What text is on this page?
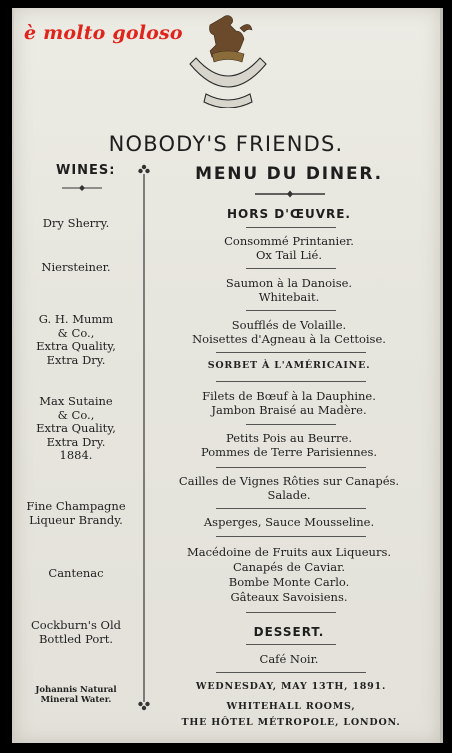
è molto goloso
NOBODY'S FRIENDS.
WINES:	MENU DU DINER.
Dry Sherry.
Niersteiner.
G. H. Mumm
& Co.,
Extra Quality,
Extra Dry.
Max Sutaine
& Co.,
Extra Quality,
Extra Dry.
1884.
Fine Champagne
Liqueur Brandy.
Cantenac
Cockburn's Old
Bottled Port.
Johannis Natural
Mineral Water.
HORS D'ŒUVRE.
Consommé Printanier.
Ox Tail Lié.
Saumon à la Danoise.
Whitebait.
Soufflés de Volaille.
Noisettes d'Agneau à la Cettoise.
SORBET À L'AMÉRICAINE.
Filets de Bœuf à la Dauphine.
Jambon Braisé au Madère.
Petits Pois au Beurre.
Pommes de Terre Parisiennes.
Cailles de Vignes Rôties sur Canapés.
Salade.
Asperges, Sauce Mousseline.
Macédoine de Fruits aux Liqueurs.
Canapés de Caviar.
Bombe Monte Carlo.
Gâteaux Savoisiens.
DESSERT.
Café Noir.
WEDNESDAY, MAY 13TH, 1891.
WHITEHALL ROOMS,
THE HÔTEL MÉTROPOLE, LONDON.
